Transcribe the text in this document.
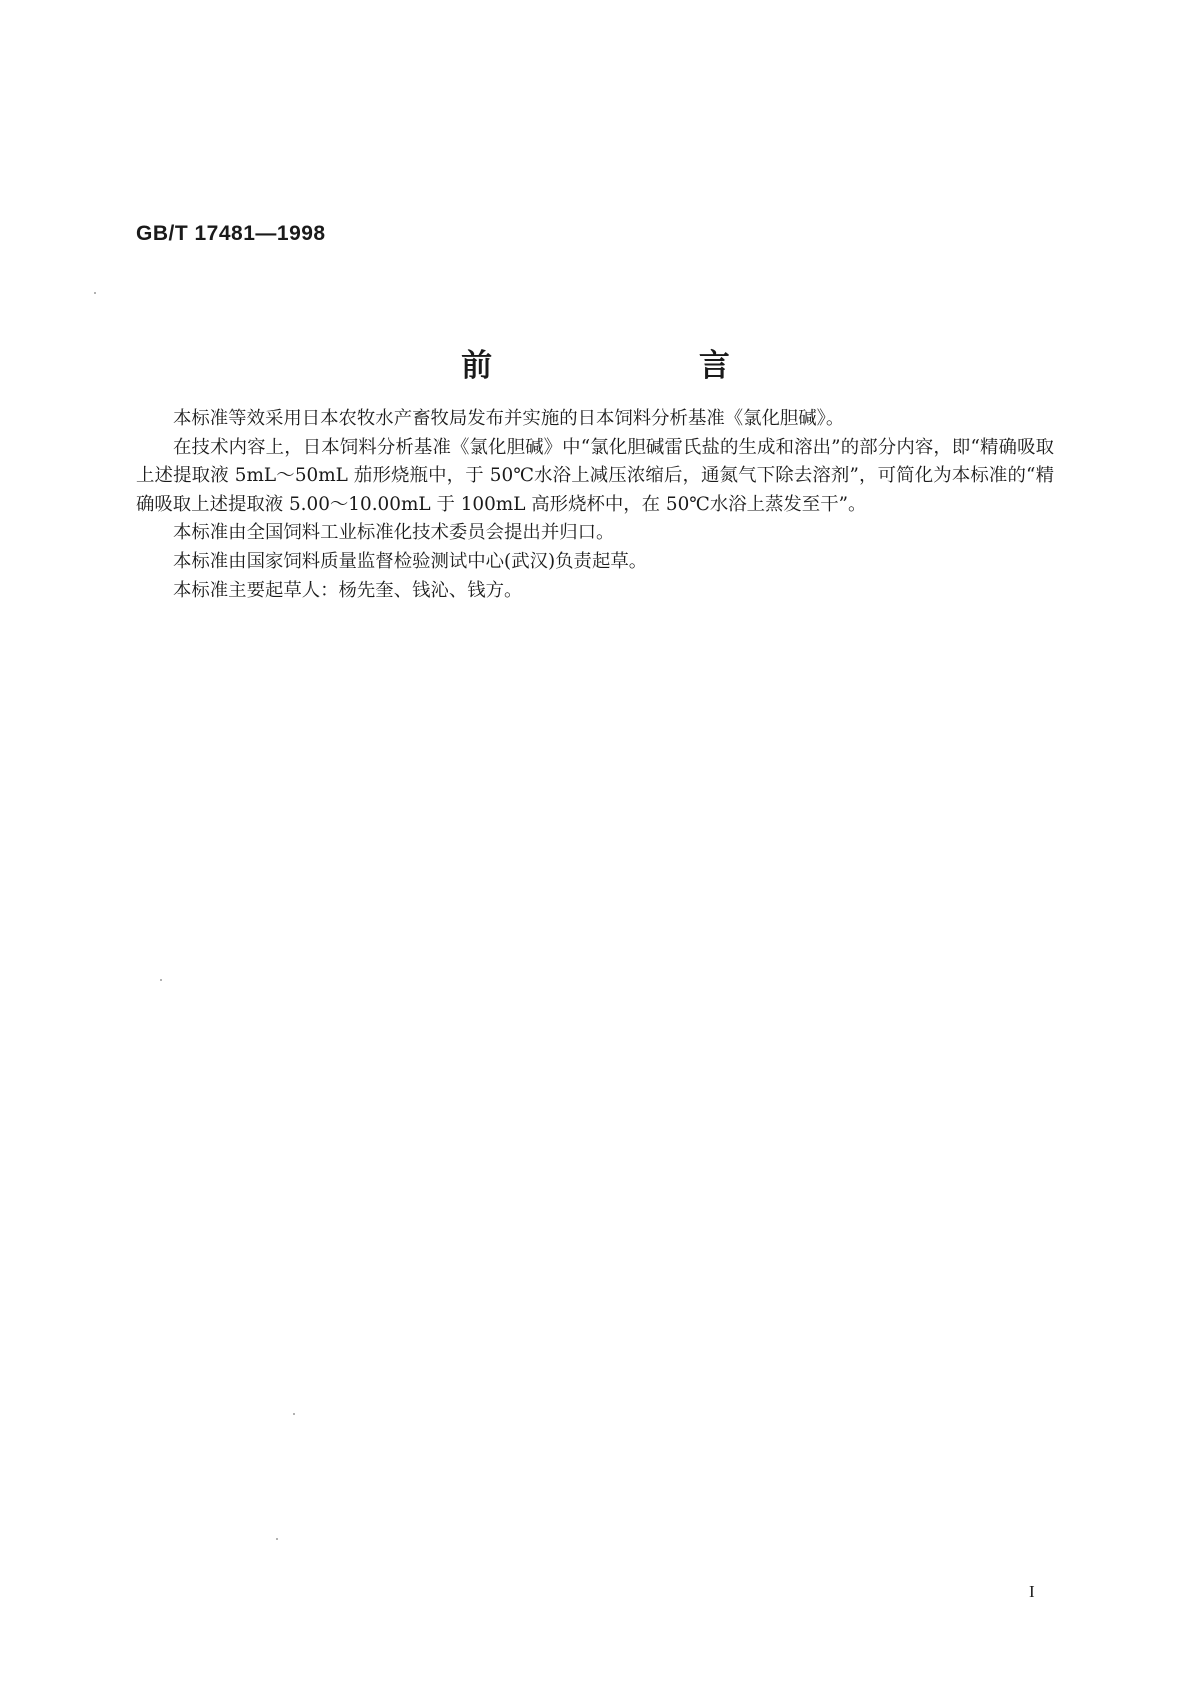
GB/T 17481—1998
前 言

本标准等效采用日本农牧水产畜牧局发布并实施的日本饲料分析基准《氯化胆碱》。

在技术内容上，日本饲料分析基准《氯化胆碱》中“氯化胆碱雷氏盐的生成和溶出”的部分内容，即“精确吸取上述提取液 5mL～50mL 茄形烧瓶中，于 50℃水浴上减压浓缩后，通氮气下除去溶剂”，可简化为本标准的“精确吸取上述提取液 5.00～10.00mL 于 100mL 高形烧杯中，在 50℃水浴上蒸发至干”。

本标准由全国饲料工业标准化技术委员会提出并归口。

本标准由国家饲料质量监督检验测试中心(武汉)负责起草。

本标准主要起草人：杨先奎、钱沁、钱方。

I
